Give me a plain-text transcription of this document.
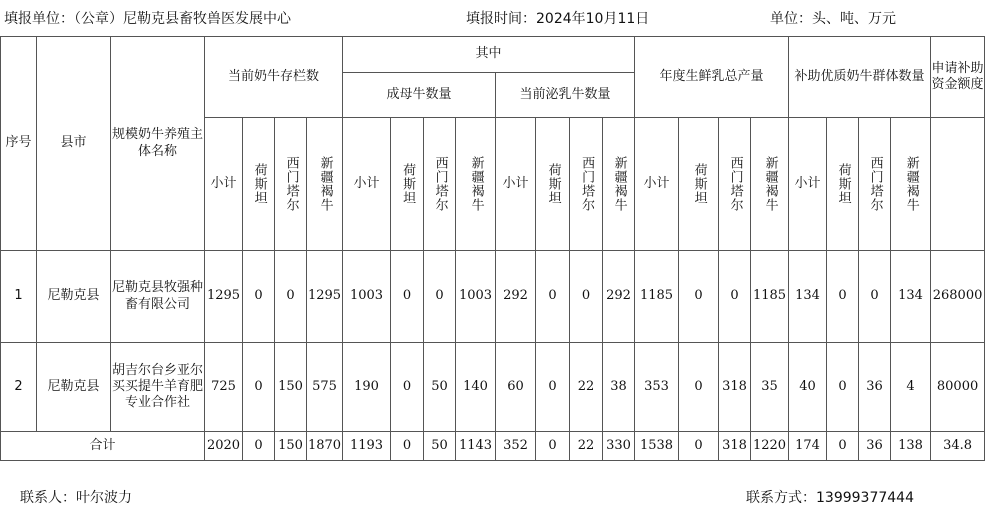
填报单位：（公章）尼勒克县畜牧兽医发展中心	填报时间：2024年10月11日	单位：头、吨、万元
序号	县市	规模奶牛养殖主体名称	当前奶牛存栏数				其中								年度生鲜乳总产量				补助优质奶牛群体数量				申请补助资金额度
							成母牛数量				当前泌乳牛数量												
			小计	荷斯坦	西门塔尔	新疆褐牛	小计	荷斯坦	西门塔尔	新疆褐牛	小计	荷斯坦	西门塔尔	新疆褐牛	小计	荷斯坦	西门塔尔	新疆褐牛	小计	荷斯坦	西门塔尔	新疆褐牛	
1	尼勒克县	尼勒克县牧强种畜有限公司	1295	0	0	1295	1003	0	0	1003	292	0	0	292	1185	0	0	1185	134	0	0	134	268000
2	尼勒克县	胡吉尔台乡亚尔买买提牛羊育肥专业合作社	725	0	150	575	190	0	50	140	60	0	22	38	353	0	318	35	40	0	36	4	80000
合计			2020	0	150	1870	1193	0	50	1143	352	0	22	330	1538	0	318	1220	174	0	36	138	34.8
联系人：叶尔波力	联系方式：13999377444
